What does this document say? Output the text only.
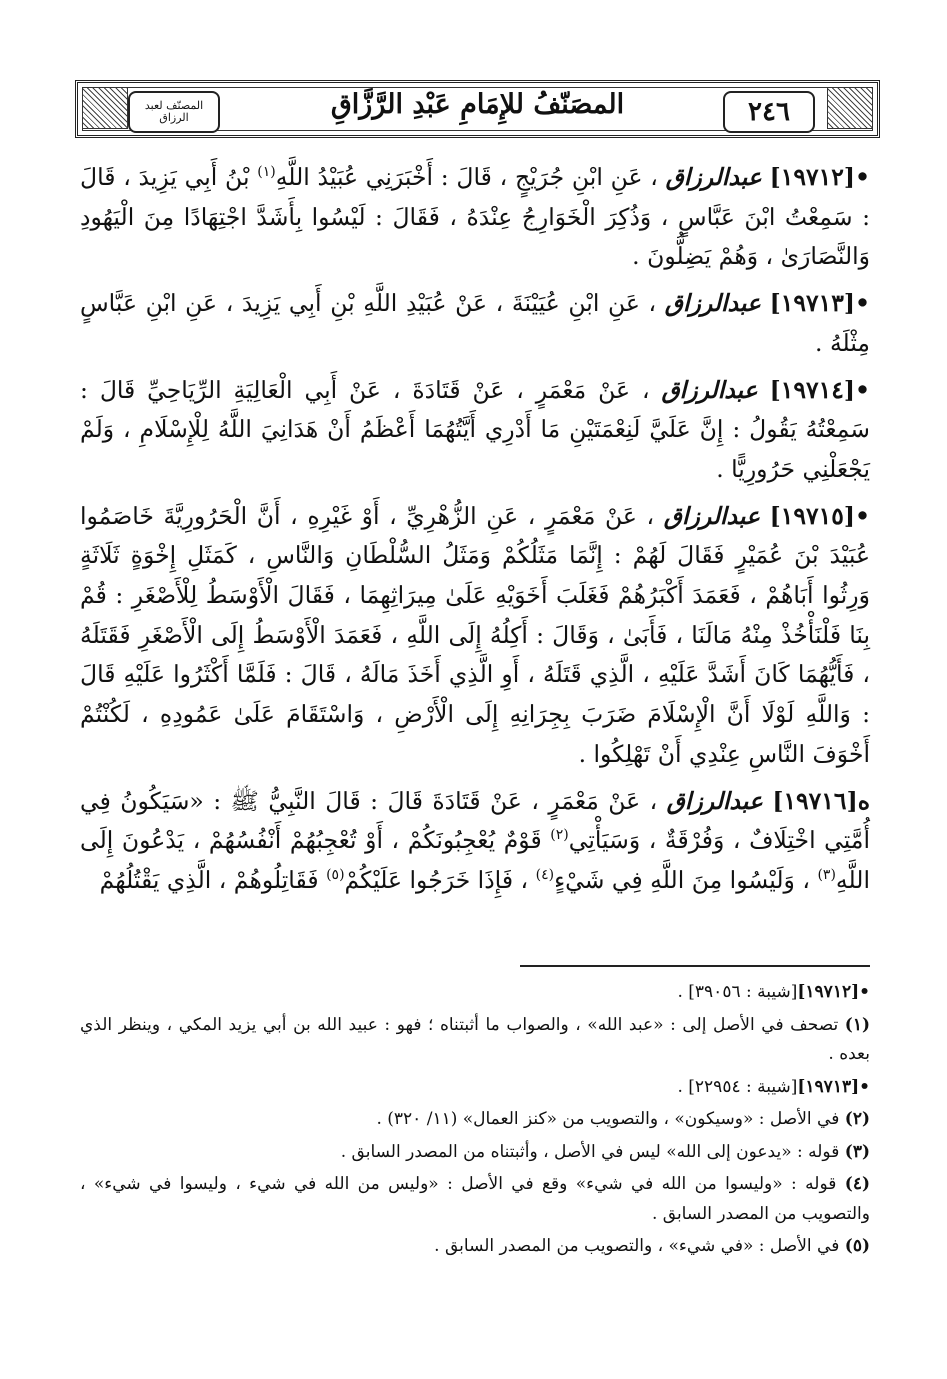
المصنّف لعبد الرزاق	٢٤٦
المصَنّفُ للإِمَامِ عَبْدِ الرَّزَّاقِ

•[١٩٧١٢] عبدالرزاق ، عَنِ ابْنِ جُرَيْجٍ ، قَالَ : أَخْبَرَنِي عُبَيْدُ اللَّهِ$^{(١)}$ بْنُ أَبِي يَزِيدَ ، قَالَ : سَمِعْتُ ابْنَ عَبَّاسٍ ، وَذُكِرَ الْخَوَارِجُ عِنْدَهُ ، فَقَالَ : لَيْسُوا بِأَشَدَّ اجْتِهَادًا مِنَ الْيَهُودِ وَالنَّصَارَىٰ ، وَهُمْ يَضِلُّونَ .

•[١٩٧١٣] عبدالرزاق ، عَنِ ابْنِ عُيَيْنَةَ ، عَنْ عُبَيْدِ اللَّهِ بْنِ أَبِي يَزِيدَ ، عَنِ ابْنِ عَبَّاسٍ مِثْلَهُ .

•[١٩٧١٤] عبدالرزاق ، عَنْ مَعْمَرٍ ، عَنْ قَتَادَةَ ، عَنْ أَبِي الْعَالِيَةِ الرِّيَاحِيِّ قَالَ : سَمِعْتُهُ يَقُولُ : إِنَّ عَلَيَّ لَنِعْمَتَيْنِ مَا أَدْرِي أَيَّتُهُمَا أَعْظَمُ أَنْ هَدَانِيَ اللَّهُ لِلْإِسْلَامِ ، وَلَمْ يَجْعَلْنِي حَرُورِيًّا .

•[١٩٧١٥] عبدالرزاق ، عَنْ مَعْمَرٍ ، عَنِ الزُّهْرِيِّ ، أَوْ غَيْرِهِ ، أَنَّ الْحَرُورِيَّةَ خَاصَمُوا عُبَيْدَ بْنَ عُمَيْرٍ فَقَالَ لَهُمْ : إِنَّمَا مَثَلُكُمْ وَمَثَلُ السُّلْطَانِ وَالنَّاسِ ، كَمَثَلِ إِخْوَةٍ ثَلَاثَةٍ وَرِثُوا أَبَاهُمْ ، فَعَمَدَ أَكْبَرُهُمْ فَغَلَبَ أَخَوَيْهِ عَلَىٰ مِيرَاثِهِمَا ، فَقَالَ الْأَوْسَطُ لِلْأَصْغَرِ : قُمْ بِنَا فَلْنَأْخُذْ مِنْهُ مَالَنَا ، فَأَبَىٰ ، وَقَالَ : أَكِلُهُ إِلَى اللَّهِ ، فَعَمَدَ الْأَوْسَطُ إِلَى الْأَصْغَرِ فَقَتَلَهُ ، فَأَيُّهُمَا كَانَ أَشَدَّ عَلَيْهِ ، الَّذِي قَتَلَهُ ، أَوِ الَّذِي أَخَذَ مَالَهُ ، قَالَ : فَلَمَّا أَكْثَرُوا عَلَيْهِ قَالَ : وَاللَّهِ لَوْلَا أَنَّ الْإِسْلَامَ ضَرَبَ بِجِرَانِهِ إِلَى الْأَرْضِ ، وَاسْتَقَامَ عَلَىٰ عَمُودِهِ ، لَكُنْتُمْ أَخْوَفَ النَّاسِ عِنْدِي أَنْ تَهْلِكُوا .

ه[١٩٧١٦] عبدالرزاق ، عَنْ مَعْمَرٍ ، عَنْ قَتَادَةَ قَالَ : قَالَ النَّبِيُّ ﷺ : «سَيَكُونُ فِي أُمَّتِي اخْتِلَافٌ ، وَفُرْقَةٌ ، وَسَيَأْتِي$^{(٢)}$ قَوْمٌ يُعْجِبُونَكُمْ ، أَوْ تُعْجِبُهُمْ أَنْفُسُهُمْ ، يَدْعُونَ إِلَى اللَّهِ$^{(٣)}$ ، وَلَيْسُوا مِنَ اللَّهِ فِي شَيْءٍ$^{(٤)}$ ، فَإِذَا خَرَجُوا عَلَيْكُمْ$^{(٥)}$ فَقَاتِلُوهُمْ ، الَّذِي يَقْتُلُهُمْ

•[١٩٧١٢][شيبة : ٣٩٠٥٦] .

(١) تصحف في الأصل إلى : «عبد الله» ، والصواب ما أثبتناه ؛ فهو : عبيد الله بن أبي يزيد المكي ، وينظر الذي بعده .

•[١٩٧١٣][شيبة : ٢٢٩٥٤] .

(٢) في الأصل : «وسيكون» ، والتصويب من «كنز العمال» (١١/ ٣٢٠) .

(٣) قوله : «يدعون إلى الله» ليس في الأصل ، وأثبتناه من المصدر السابق .

(٤) قوله : «وليسوا من الله في شيء» وقع في الأصل : «وليس من الله في شيء ، وليسوا في شيء» ، والتصويب من المصدر السابق .

(٥) في الأصل : «في شيء» ، والتصويب من المصدر السابق .
